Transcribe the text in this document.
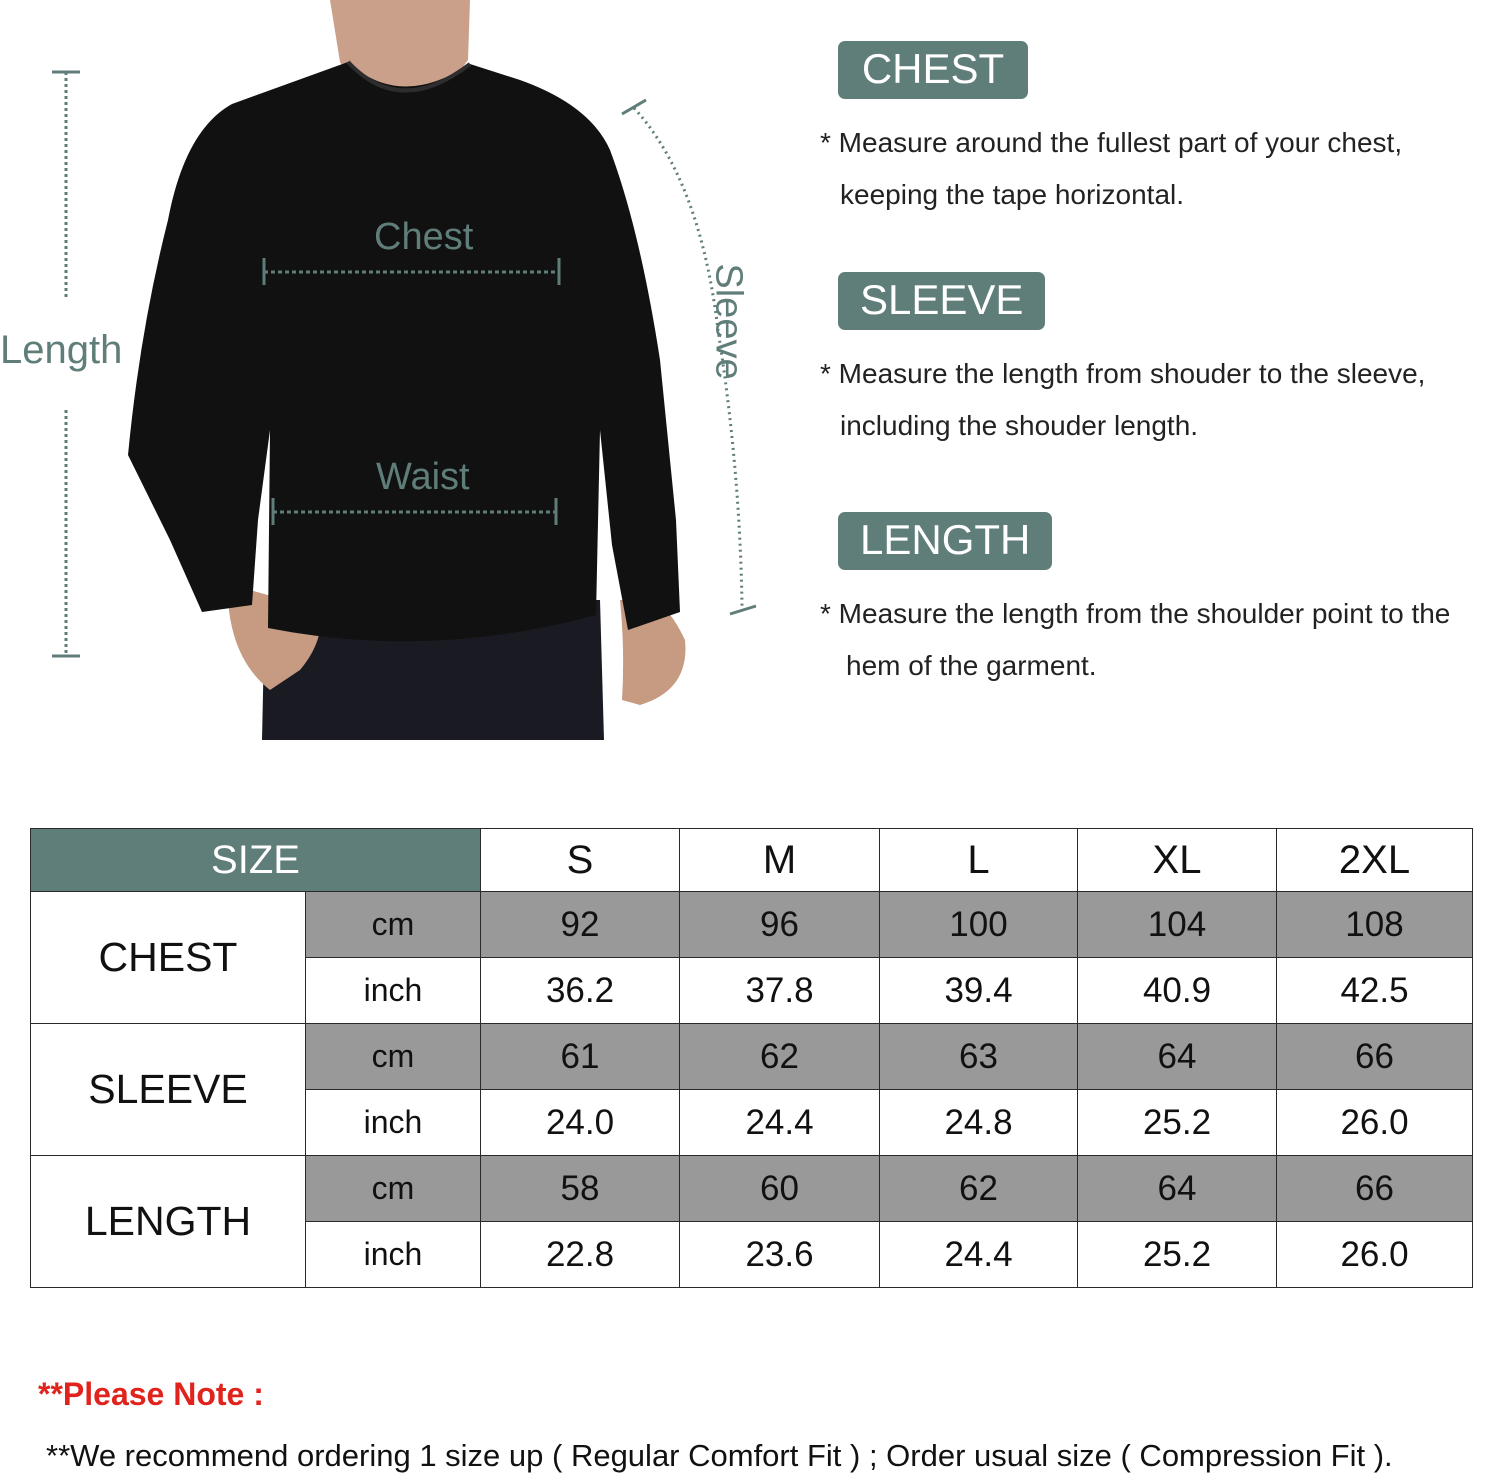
Chest
Waist
Length	Sleeve
CHEST
* Measure around the fullest part of your chest,
keeping the tape horizontal.
SLEEVE
* Measure the length from shouder to the sleeve,
including the shouder length.
LENGTH
* Measure the length from the shoulder point to the
hem of the garment.
SIZE		S	M	L	XL	2XL
CHEST	cm	92	96	100	104	108
	inch	36.2	37.8	39.4	40.9	42.5
SLEEVE	cm	61	62	63	64	66
	inch	24.0	24.4	24.8	25.2	26.0
LENGTH	cm	58	60	62	64	66
	inch	22.8	23.6	24.4	25.2	26.0
**Please Note :
**We recommend ordering 1 size up ( Regular Comfort Fit ) ; Order usual size ( Compression Fit ).
